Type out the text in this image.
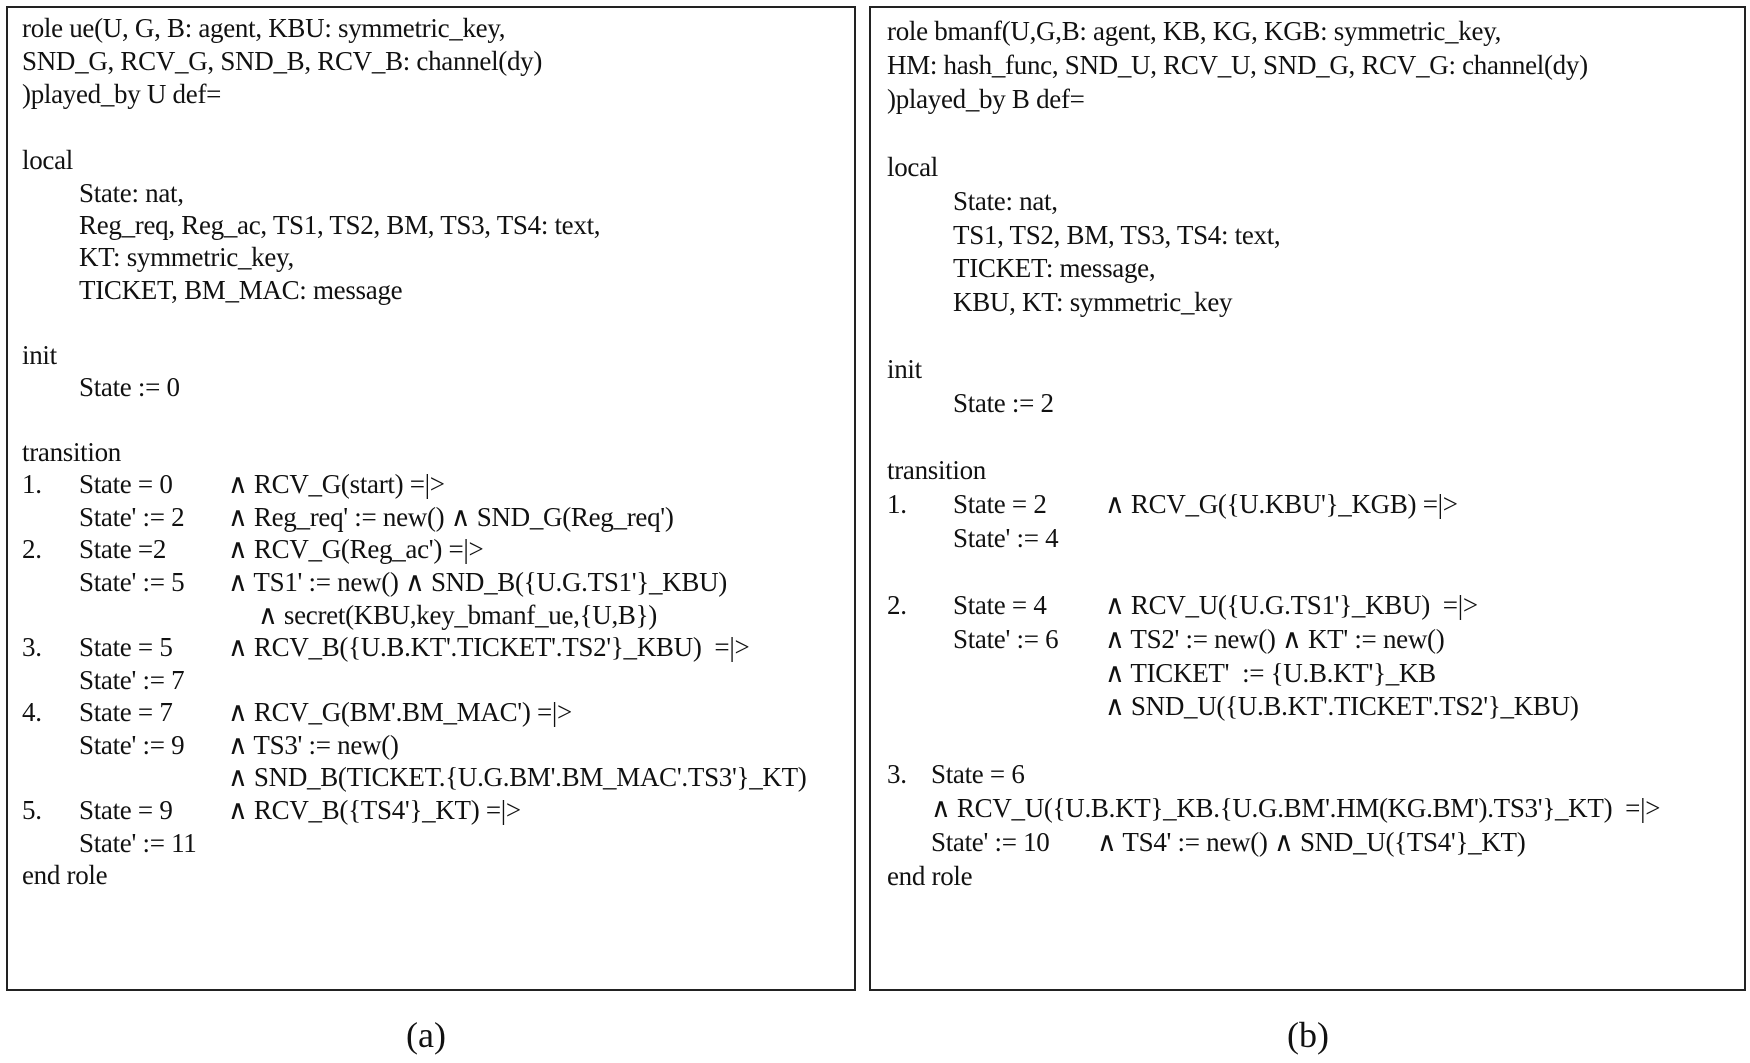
role ue(U, G, B: agent, KBU: symmetric_key,
SND_G, RCV_G, SND_B, RCV_B: channel(dy)
)played_by U def=
local
State: nat,
Reg_req, Reg_ac, TS1, TS2, BM, TS3, TS4: text,
KT: symmetric_key,
TICKET, BM_MAC: message
init
State := 0
transition
1. State = 0 ∧ RCV_G(start) =|>
State' := 2 ∧ Reg_req' := new() ∧ SND_G(Reg_req')
2. State =2 ∧ RCV_G(Reg_ac') =|>
State' := 5 ∧ TS1' := new() ∧ SND_B({U.G.TS1'}_KBU)
∧ secret(KBU,key_bmanf_ue,{U,B})
3. State = 5 ∧ RCV_B({U.B.KT'.TICKET'.TS2'}_KBU)  =|>
State' := 7
4. State = 7 ∧ RCV_G(BM'.BM_MAC') =|>
State' := 9 ∧ TS3' := new()
∧ SND_B(TICKET.{U.G.BM'.BM_MAC'.TS3'}_KT)
5. State = 9 ∧ RCV_B({TS4'}_KT) =|>
State' := 11
end role
role bmanf(U,G,B: agent, KB, KG, KGB: symmetric_key,
HM: hash_func, SND_U, RCV_U, SND_G, RCV_G: channel(dy)
)played_by B def=
local
State: nat,
TS1, TS2, BM, TS3, TS4: text,
TICKET: message,
KBU, KT: symmetric_key
init
State := 2
transition
1. State = 2 ∧ RCV_G({U.KBU'}_KGB) =|>
State' := 4
2. State = 4 ∧ RCV_U({U.G.TS1'}_KBU)  =|>
State' := 6 ∧ TS2' := new() ∧ KT' := new()
∧ TICKET'  := {U.B.KT'}_KB
∧ SND_U({U.B.KT'.TICKET'.TS2'}_KBU)
3. State = 6
∧ RCV_U({U.B.KT}_KB.{U.G.BM'.HM(KG.BM').TS3'}_KT)  =|>
State' := 10 ∧ TS4' := new() ∧ SND_U({TS4'}_KT)
end role
(a)	(b)
